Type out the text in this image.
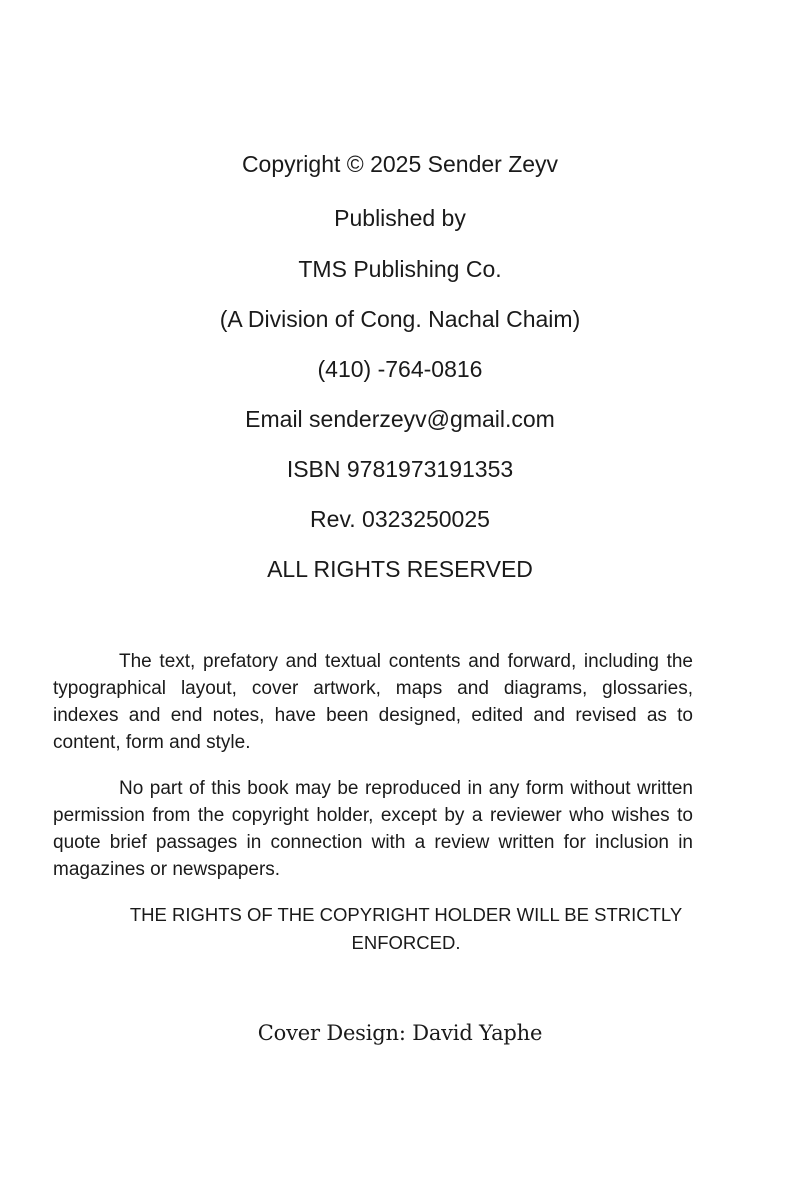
Copyright © 2025 Sender Zeyv
Published by
TMS Publishing Co.
(A Division of Cong. Nachal Chaim)
(410) -764-0816
Email senderzeyv@gmail.com
ISBN 9781973191353
Rev. 0323250025
ALL RIGHTS RESERVED

The text, prefatory and textual contents and forward, including the typographical layout, cover artwork, maps and diagrams, glossaries, indexes and end notes, have been designed, edited and revised as to content, form and style.

No part of this book may be reproduced in any form without written permission from the copyright holder, except by a reviewer who wishes to quote brief passages in connection with a review written for inclusion in magazines or newspapers.

THE RIGHTS OF THE COPYRIGHT HOLDER WILL BE STRICTLY ENFORCED.

Cover Design: David Yaphe
